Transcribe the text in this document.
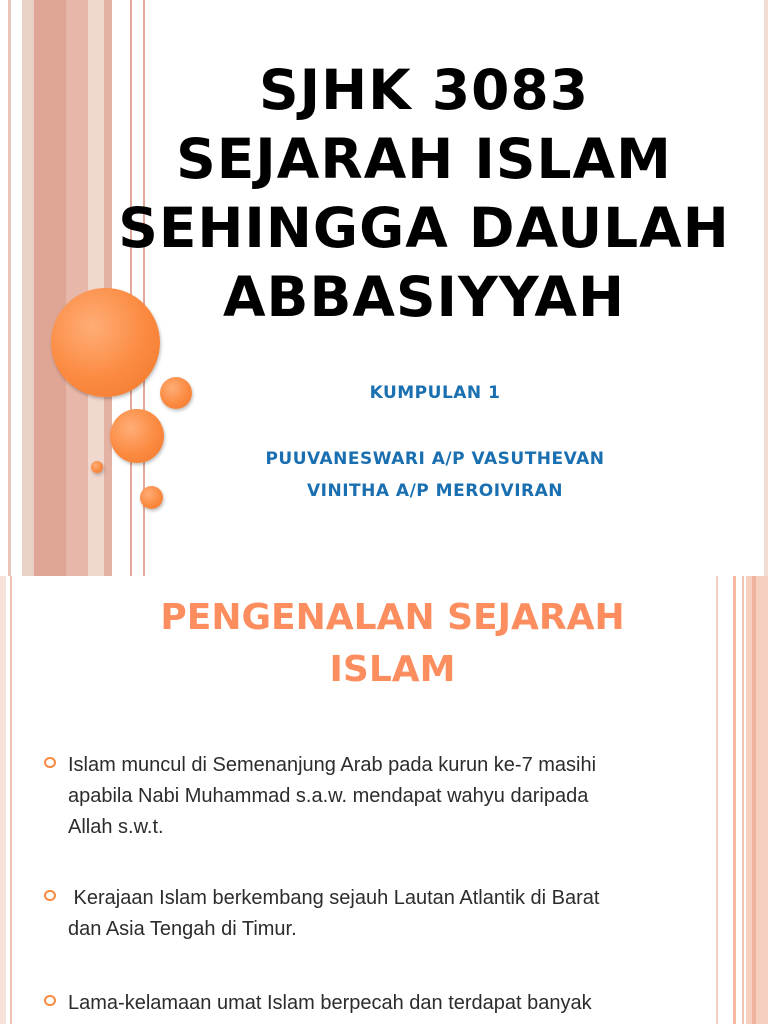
SJHK 3083
SEJARAH ISLAM
SEHINGGA DAULAH
ABBASIYYAH
KUMPULAN 1
PUUVANESWARI A/P VASUTHEVAN
VINITHA A/P MEROIVIRAN
PENGENALAN SEJARAH
ISLAM
Islam muncul di Semenanjung Arab pada kurun ke-7 masihi
apabila Nabi Muhammad s.a.w. mendapat wahyu daripada
Allah s.w.t.
Kerajaan Islam berkembang sejauh Lautan Atlantik di Barat
dan Asia Tengah di Timur.
Lama-kelamaan umat Islam berpecah dan terdapat banyak
